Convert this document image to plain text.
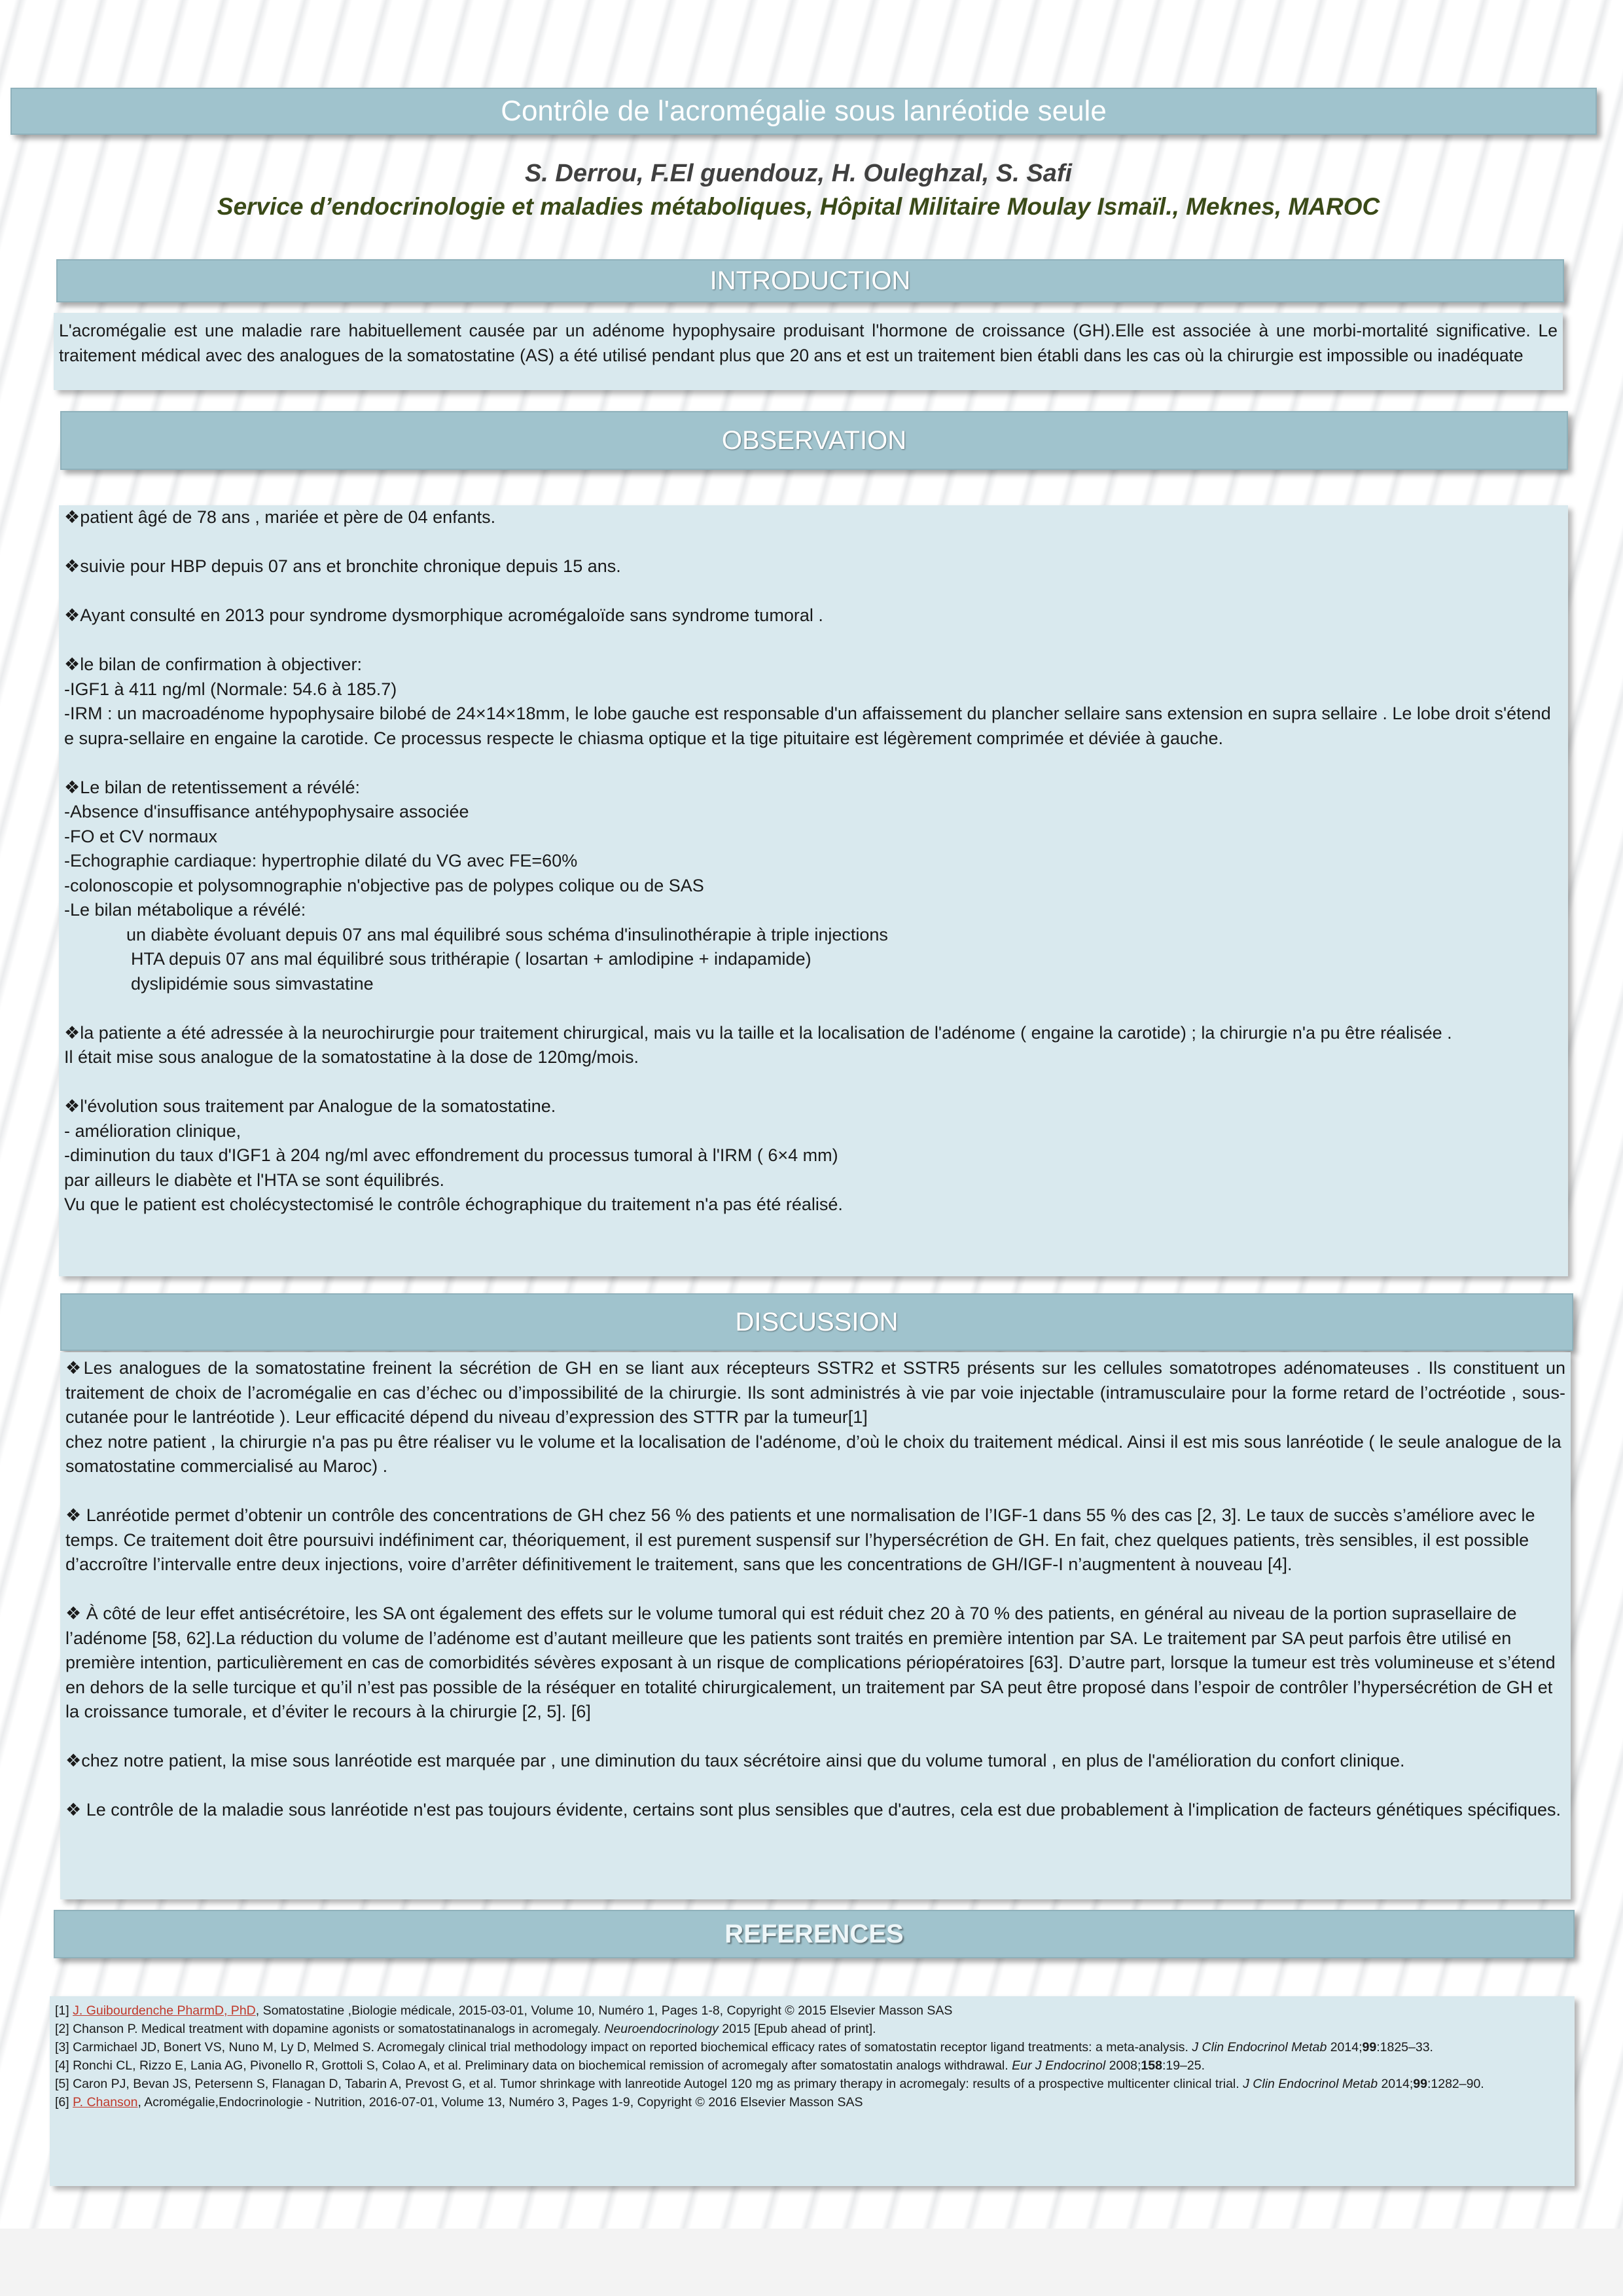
Contrôle de l'acromégalie sous lanréotide seule
S. Derrou, F.El guendouz, H. Ouleghzal, S. Safi
Service d’endocrinologie et maladies métaboliques, Hôpital Militaire Moulay Ismaïl., Meknes, MAROC
INTRODUCTION

L'acromégalie est une maladie rare habituellement causée par un adénome hypophysaire produisant l'hormone de croissance (GH).Elle est associée à une morbi-mortalité significative. Le traitement médical avec des analogues de la somatostatine (AS) a été utilisé pendant plus que 20 ans et est un traitement bien établi dans les cas où la chirurgie est impossible ou inadéquate

OBSERVATION

❖patient âgé de 78 ans , mariée et père de 04 enfants.

❖suivie pour HBP depuis 07 ans et bronchite chronique depuis 15 ans.

❖Ayant consulté en 2013 pour syndrome dysmorphique acromégaloïde sans syndrome tumoral .

❖le bilan de confirmation à objectiver:

-IGF1 à 411 ng/ml (Normale: 54.6 à 185.7)

-IRM : un macroadénome hypophysaire bilobé de 24×14×18mm, le lobe gauche est responsable d'un affaissement du plancher sellaire sans extension en supra sellaire . Le lobe droit s'étend e supra-sellaire en engaine la carotide. Ce processus respecte le chiasma optique et la tige pituitaire est légèrement comprimée et déviée à gauche.

❖Le bilan de retentissement a révélé:

-Absence d'insuffisance antéhypophysaire associée

-FO et CV normaux

-Echographie cardiaque: hypertrophie dilaté du VG avec FE=60%

-colonoscopie et polysomnographie n'objective pas de polypes colique ou de SAS

-Le bilan métabolique a révélé:

un diabète évoluant depuis 07 ans mal équilibré sous schéma d'insulinothérapie à triple injections

HTA depuis 07 ans mal équilibré sous trithérapie ( losartan + amlodipine + indapamide)

dyslipidémie sous simvastatine

❖la patiente a été adressée à la neurochirurgie pour traitement chirurgical, mais vu la taille et la localisation de l'adénome ( engaine la carotide) ; la chirurgie n'a pu être réalisée .

Il était mise sous analogue de la somatostatine à la dose de 120mg/mois.

❖l'évolution sous traitement par Analogue de la somatostatine.

- amélioration clinique,

-diminution du taux d'IGF1 à 204 ng/ml avec effondrement du processus tumoral à l'IRM ( 6×4 mm)

par ailleurs le diabète et l'HTA se sont équilibrés.

Vu que le patient est cholécystectomisé le contrôle échographique du traitement n'a pas été réalisé.

DISCUSSION

❖Les analogues de la somatostatine freinent la sécrétion de GH en se liant aux récepteurs SSTR2 et SSTR5 présents sur les cellules somatotropes adénomateuses . Ils constituent un traitement de choix de l’acromégalie en cas d’échec ou d’impossibilité de la chirurgie. Ils sont administrés à vie par voie injectable (intramusculaire pour la forme retard de l’octréotide , sous-cutanée pour le lantréotide ). Leur efficacité dépend du niveau d’expression des STTR par la tumeur[1]

chez notre patient , la chirurgie n'a pas pu être réaliser vu le volume et la localisation de l'adénome, d’où le choix du traitement médical. Ainsi il est mis sous lanréotide ( le seule analogue de la somatostatine commercialisé au Maroc) .

❖ Lanréotide permet d’obtenir un contrôle des concentrations de GH chez 56 % des patients et une normalisation de l’IGF-1 dans 55 % des cas [2, 3]. Le taux de succès s’améliore avec le temps. Ce traitement doit être poursuivi indéfiniment car, théoriquement, il est purement suspensif sur l’hypersécrétion de GH. En fait, chez quelques patients, très sensibles, il est possible d’accroître l’intervalle entre deux injections, voire d’arrêter définitivement le traitement, sans que les concentrations de GH/IGF-I n’augmentent à nouveau [4].

❖ À côté de leur effet antisécrétoire, les SA ont également des effets sur le volume tumoral qui est réduit chez 20 à 70 % des patients, en général au niveau de la portion suprasellaire de l’adénome [58, 62].La réduction du volume de l’adénome est d’autant meilleure que les patients sont traités en première intention par SA. Le traitement par SA peut parfois être utilisé en première intention, particulièrement en cas de comorbidités sévères exposant à un risque de complications périopératoires [63]. D’autre part, lorsque la tumeur est très volumineuse et s’étend en dehors de la selle turcique et qu’il n’est pas possible de la réséquer en totalité chirurgicalement, un traitement par SA peut être proposé dans l’espoir de contrôler l’hypersécrétion de GH et la croissance tumorale, et d’éviter le recours à la chirurgie [2, 5]. [6]

❖chez notre patient, la mise sous lanréotide est marquée par , une diminution du taux sécrétoire ainsi que du volume tumoral , en plus de l'amélioration du confort clinique.

❖ Le contrôle de la maladie sous lanréotide n'est pas toujours évidente, certains sont plus sensibles que d'autres, cela est due probablement à l'implication de facteurs génétiques spécifiques.

REFERENCES
[1] J. Guibourdenche PharmD, PhD, Somatostatine ,Biologie médicale, 2015-03-01, Volume 10, Numéro 1, Pages 1-8, Copyright © 2015 Elsevier Masson SAS
[2] Chanson P. Medical treatment with dopamine agonists or somatostatinanalogs in acromegaly. Neuroendocrinology 2015 [Epub ahead of print].
[3] Carmichael JD, Bonert VS, Nuno M, Ly D, Melmed S. Acromegaly clinical trial methodology impact on reported biochemical efficacy rates of somatostatin receptor ligand treatments: a meta-analysis. J Clin Endocrinol Metab 2014;99:1825–33.
[4] Ronchi CL, Rizzo E, Lania AG, Pivonello R, Grottoli S, Colao A, et al. Preliminary data on biochemical remission of acromegaly after somatostatin analogs withdrawal. Eur J Endocrinol 2008;158:19–25.
[5] Caron PJ, Bevan JS, Petersenn S, Flanagan D, Tabarin A, Prevost G, et al. Tumor shrinkage with lanreotide Autogel 120 mg as primary therapy in acromegaly: results of a prospective multicenter clinical trial. J Clin Endocrinol Metab 2014;99:1282–90.
[6] P. Chanson, Acromégalie,Endocrinologie - Nutrition, 2016-07-01, Volume 13, Numéro 3, Pages 1-9, Copyright © 2016 Elsevier Masson SAS
